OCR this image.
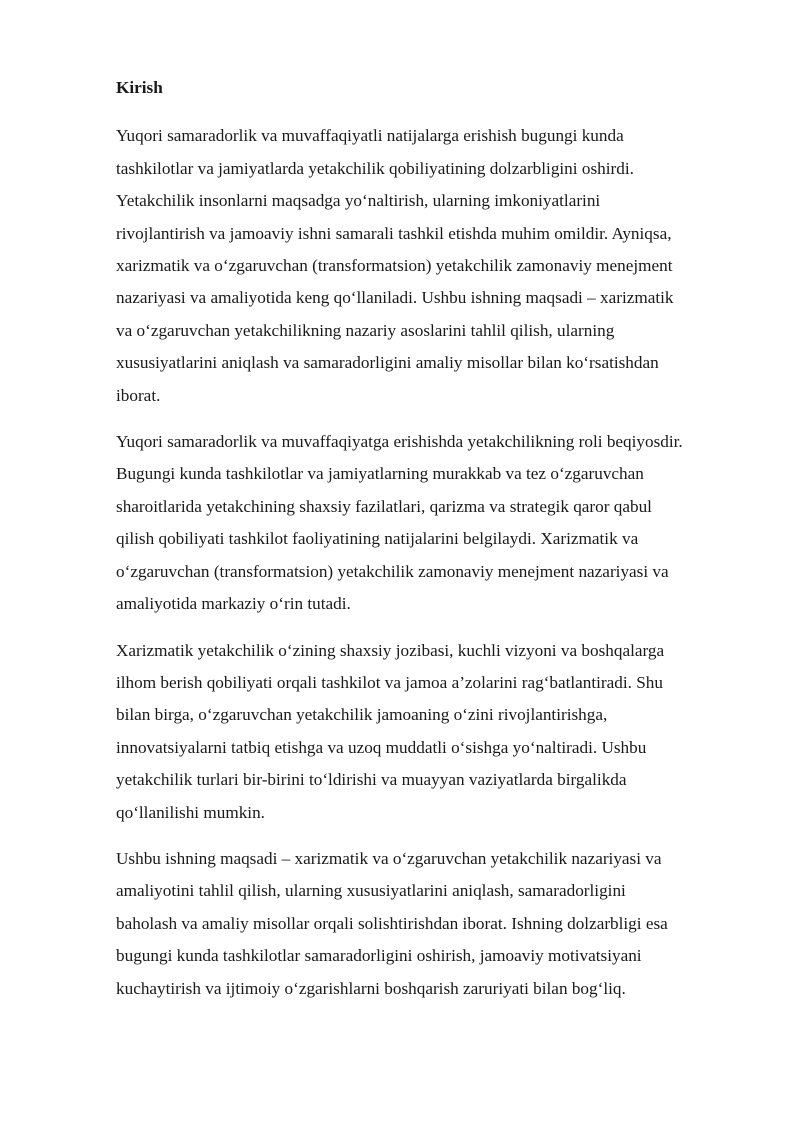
Kirish
Yuqori samaradorlik va muvaffaqiyatli natijalarga erishish bugungi kunda
tashkilotlar va jamiyatlarda yetakchilik qobiliyatining dolzarbligini oshirdi.
Yetakchilik insonlarni maqsadga yo‘naltirish, ularning imkoniyatlarini
rivojlantirish va jamoaviy ishni samarali tashkil etishda muhim omildir. Ayniqsa,
xarizmatik va o‘zgaruvchan (transformatsion) yetakchilik zamonaviy menejment
nazariyasi va amaliyotida keng qo‘llaniladi. Ushbu ishning maqsadi – xarizmatik
va o‘zgaruvchan yetakchilikning nazariy asoslarini tahlil qilish, ularning
xususiyatlarini aniqlash va samaradorligini amaliy misollar bilan ko‘rsatishdan
iborat.
Yuqori samaradorlik va muvaffaqiyatga erishishda yetakchilikning roli beqiyosdir.
Bugungi kunda tashkilotlar va jamiyatlarning murakkab va tez o‘zgaruvchan
sharoitlarida yetakchining shaxsiy fazilatlari, qarizma va strategik qaror qabul
qilish qobiliyati tashkilot faoliyatining natijalarini belgilaydi. Xarizmatik va
o‘zgaruvchan (transformatsion) yetakchilik zamonaviy menejment nazariyasi va
amaliyotida markaziy o‘rin tutadi.
Xarizmatik yetakchilik o‘zining shaxsiy jozibasi, kuchli vizyoni va boshqalarga
ilhom berish qobiliyati orqali tashkilot va jamoa a’zolarini rag‘batlantiradi. Shu
bilan birga, o‘zgaruvchan yetakchilik jamoaning o‘zini rivojlantirishga,
innovatsiyalarni tatbiq etishga va uzoq muddatli o‘sishga yo‘naltiradi. Ushbu
yetakchilik turlari bir-birini to‘ldirishi va muayyan vaziyatlarda birgalikda
qo‘llanilishi mumkin.
Ushbu ishning maqsadi – xarizmatik va o‘zgaruvchan yetakchilik nazariyasi va
amaliyotini tahlil qilish, ularning xususiyatlarini aniqlash, samaradorligini
baholash va amaliy misollar orqali solishtirishdan iborat. Ishning dolzarbligi esa
bugungi kunda tashkilotlar samaradorligini oshirish, jamoaviy motivatsiyani
kuchaytirish va ijtimoiy o‘zgarishlarni boshqarish zaruriyati bilan bog‘liq.
